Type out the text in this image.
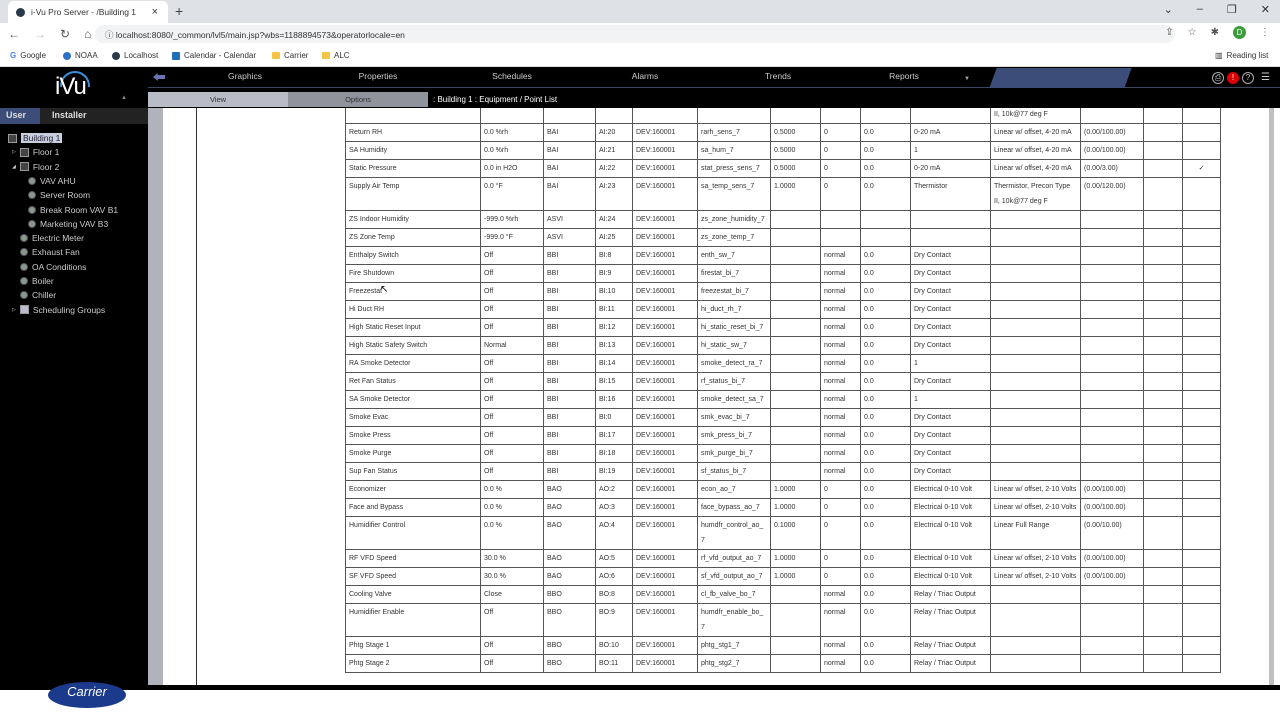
i-Vu Pro Server - /Building 1 × +	⌄ – ❐ ✕
← → ↻ ⌂	ⓘ localhost:8080/_common/lvl5/main.jsp?wbs=1188894573&operatorlocale=en	⇪ ☆ ✱	D	⋮
G Google	NOAA	Localhost	Calendar - Calendar	Carrier	ALC	▥ Reading list
iVu	▲
Graphics	Properties	Schedules	Alarms	Trends	Reports	▼	⎙	!	?	☰
View	Options	: Building 1 : Equipment / Point List
User	Installer
Building 1
▷ Floor 1
◢ Floor 2
VAV AHU
Server Room
Break Room VAV B1
Marketing VAV B3
Electric Meter
Exhaust Fan
OA Conditions
Boiler
Chiller
▷ Scheduling Groups
										II, 10k@77 deg F			
Return RH	0.0 %rh	BAI	AI:20	DEV:160001	rarh_sens_7	0.5000	0	0.0	0-20 mA	Linear w/ offset, 4-20 mA	(0.00/100.00)		
SA Humidity	0.0 %rh	BAI	AI:21	DEV:160001	sa_hum_7	0.5000	0	0.0	1	Linear w/ offset, 4-20 mA	(0.00/100.00)		
Static Pressure	0.0 in H2O	BAI	AI:22	DEV:160001	stat_press_sens_7	0.5000	0	0.0	0-20 mA	Linear w/ offset, 4-20 mA	(0.00/3.00)		✓
Supply Air Temp	0.0 °F	BAI	AI:23	DEV:160001	sa_temp_sens_7	1.0000	0	0.0	Thermistor	Thermistor, Precon Type II, 10k@77 deg F	(0.00/120.00)		
ZS Indoor Humidity	-999.0 %rh	ASVI	AI:24	DEV:160001	zs_zone_humidity_7								
ZS Zone Temp	-999.0 °F	ASVI	AI:25	DEV:160001	zs_zone_temp_7								
Enthalpy Switch	Off	BBI	BI:8	DEV:160001	enth_sw_7		normal	0.0	Dry Contact				
Fire Shutdown	Off	BBI	BI:9	DEV:160001	firestat_bi_7		normal	0.0	Dry Contact				
Freezestat	Off	BBI	BI:10	DEV:160001	freezestat_bi_7		normal	0.0	Dry Contact				
Hi Duct RH	Off	BBI	BI:11	DEV:160001	hi_duct_rh_7		normal	0.0	Dry Contact				
High Static Reset Input	Off	BBI	BI:12	DEV:160001	hi_static_reset_bi_7		normal	0.0	Dry Contact				
High Static Safety Switch	Normal	BBI	BI:13	DEV:160001	hi_static_sw_7		normal	0.0	Dry Contact				
RA Smoke Detector	Off	BBI	BI:14	DEV:160001	smoke_detect_ra_7		normal	0.0	1				
Ret Fan Status	Off	BBI	BI:15	DEV:160001	rf_status_bi_7		normal	0.0	Dry Contact				
SA Smoke Detector	Off	BBI	BI:16	DEV:160001	smoke_detect_sa_7		normal	0.0	1				
Smoke Evac	Off	BBI	BI:0	DEV:160001	smk_evac_bi_7		normal	0.0	Dry Contact				
Smoke Press	Off	BBI	BI:17	DEV:160001	smk_press_bi_7		normal	0.0	Dry Contact				
Smoke Purge	Off	BBI	BI:18	DEV:160001	smk_purge_bi_7		normal	0.0	Dry Contact				
Sup Fan Status	Off	BBI	BI:19	DEV:160001	sf_status_bi_7		normal	0.0	Dry Contact				
Economizer	0.0 %	BAO	AO:2	DEV:160001	econ_ao_7	1.0000	0	0.0	Electrical 0-10 Volt	Linear w/ offset, 2-10 Volts	(0.00/100.00)		
Face and Bypass	0.0 %	BAO	AO:3	DEV:160001	face_bypass_ao_7	1.0000	0	0.0	Electrical 0-10 Volt	Linear w/ offset, 2-10 Volts	(0.00/100.00)		
Humidifier Control	0.0 %	BAO	AO:4	DEV:160001	humdfr_control_ao_7	0.1000	0	0.0	Electrical 0-10 Volt	Linear Full Range	(0.00/10.00)		
RF VFD Speed	30.0 %	BAO	AO:5	DEV:160001	rf_vfd_output_ao_7	1.0000	0	0.0	Electrical 0-10 Volt	Linear w/ offset, 2-10 Volts	(0.00/100.00)		
SF VFD Speed	30.0 %	BAO	AO:6	DEV:160001	sf_vfd_output_ao_7	1.0000	0	0.0	Electrical 0-10 Volt	Linear w/ offset, 2-10 Volts	(0.00/100.00)		
Cooling Valve	Close	BBO	BO:8	DEV:160001	cl_fb_valve_bo_7		normal	0.0	Relay / Triac Output				
Humidifier Enable	Off	BBO	BO:9	DEV:160001	humdfr_enable_bo_7		normal	0.0	Relay / Triac Output				
Phtg Stage 1	Off	BBO	BO:10	DEV:160001	phtg_stg1_7		normal	0.0	Relay / Triac Output				
Phtg Stage 2	Off	BBO	BO:11	DEV:160001	phtg_stg2_7		normal	0.0	Relay / Triac Output				
↖
Carrier
